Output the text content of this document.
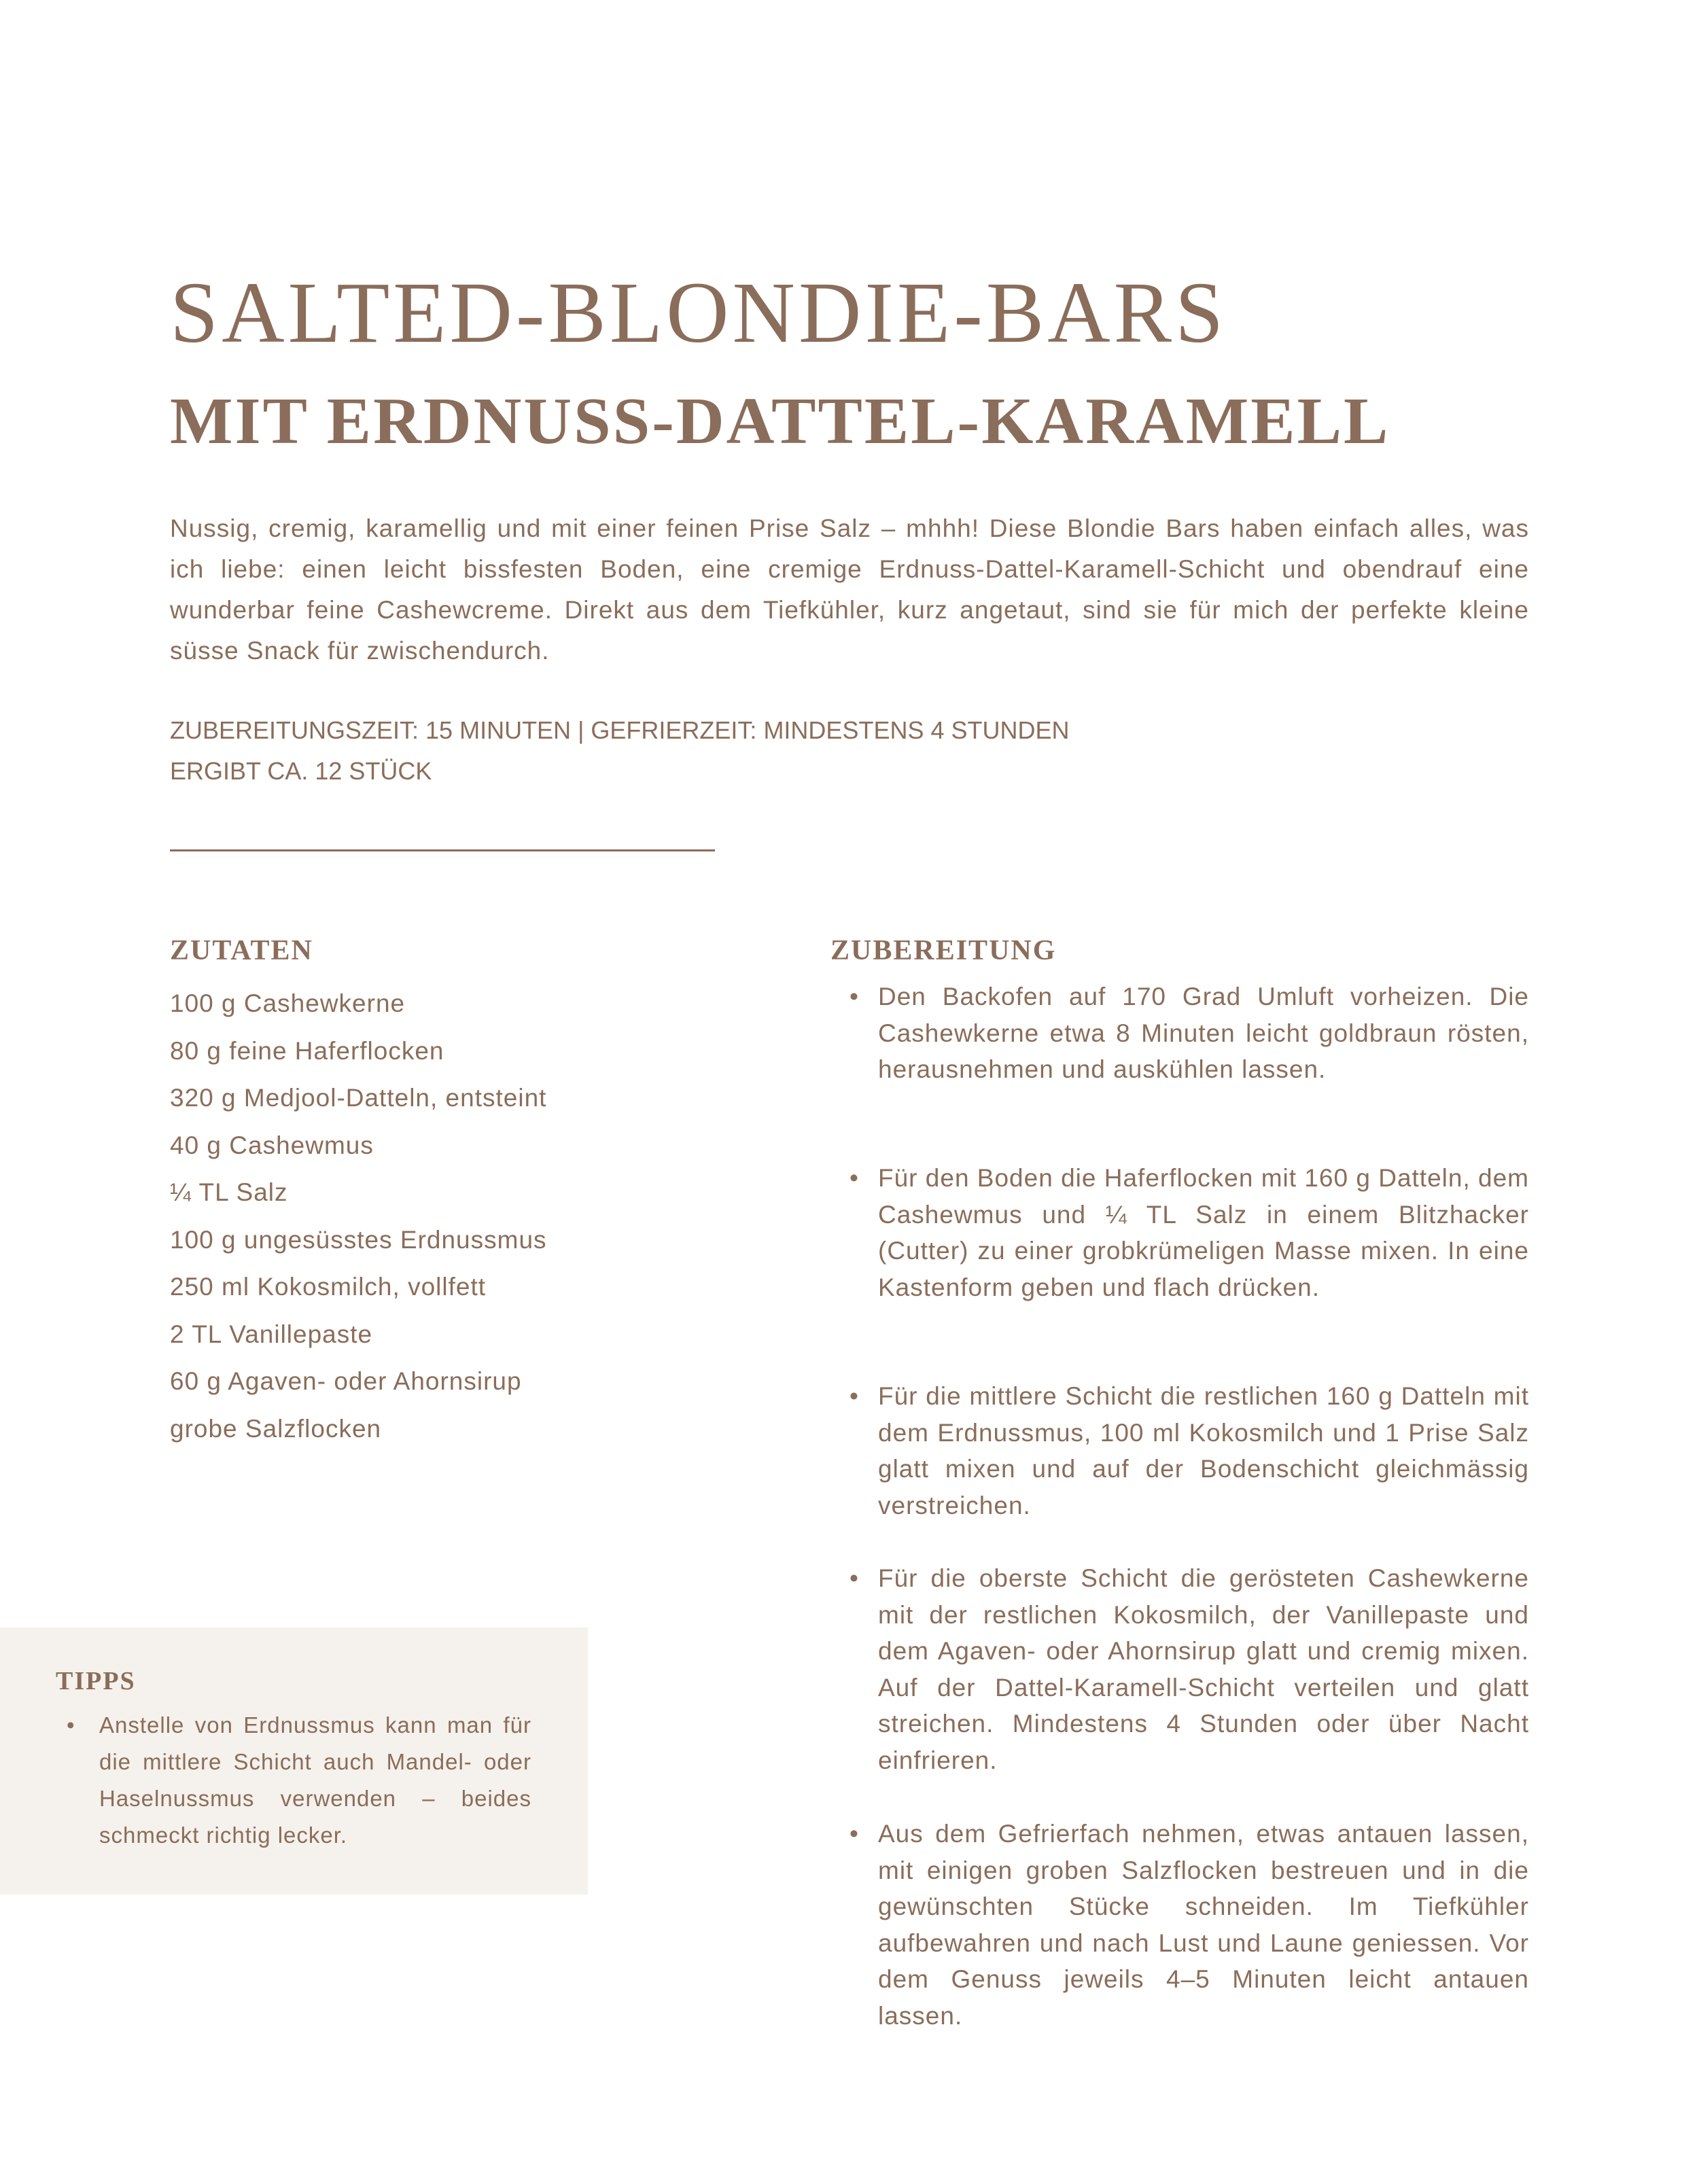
SALTED-BLONDIE-BARS
MIT ERDNUSS-DATTEL-KARAMELL

Nussig, cremig, karamellig und mit einer feinen Prise Salz – mhhh! Diese Blondie Bars haben einfach alles, was ich liebe: einen leicht bissfesten Boden, eine cremige Erdnuss-Dattel-Karamell-Schicht und obendrauf eine wunderbar feine Cashewcreme. Direkt aus dem Tiefkühler, kurz angetaut, sind sie für mich der perfekte kleine süsse Snack für zwischendurch.

ZUBEREITUNGSZEIT: 15 MINUTEN | GEFRIERZEIT: MINDESTENS 4 STUNDEN
ERGIBT CA. 12 STÜCK
ZUTATEN
100 g Cashewkerne
80 g feine Haferflocken
320 g Medjool-Datteln, entsteint
40 g Cashewmus
¼ TL Salz
100 g ungesüsstes Erdnussmus
250 ml Kokosmilch, vollfett
2 TL Vanillepaste
60 g Agaven- oder Ahornsirup
grobe Salzflocken
ZUBEREITUNG
• Den Backofen auf 170 Grad Umluft vorheizen. Die Cashewkerne etwa 8 Minuten leicht goldbraun rösten, herausnehmen und auskühlen lassen.
• Für den Boden die Haferflocken mit 160 g Datteln, dem Cashewmus und ¼ TL Salz in einem Blitzhacker (Cutter) zu einer grobkrümeligen Masse mixen. In eine Kastenform geben und flach drücken.
• Für die mittlere Schicht die restlichen 160 g Datteln mit dem Erdnussmus, 100 ml Kokosmilch und 1 Prise Salz glatt mixen und auf der Bodenschicht gleichmässig verstreichen.
• Für die oberste Schicht die gerösteten Cashewkerne mit der restlichen Kokosmilch, der Vanillepaste und dem Agaven- oder Ahornsirup glatt und cremig mixen. Auf der Dattel-Karamell-Schicht verteilen und glatt streichen. Mindestens 4 Stunden oder über Nacht einfrieren.
• Aus dem Gefrierfach nehmen, etwas antauen lassen, mit einigen groben Salzflocken bestreuen und in die gewünschten Stücke schneiden. Im Tiefkühler aufbewahren und nach Lust und Laune geniessen. Vor dem Genuss jeweils 4–5 Minuten leicht antauen lassen.
TIPPS
• Anstelle von Erdnussmus kann man für die mittlere Schicht auch Mandel- oder Haselnussmus verwenden – beides schmeckt richtig lecker.
